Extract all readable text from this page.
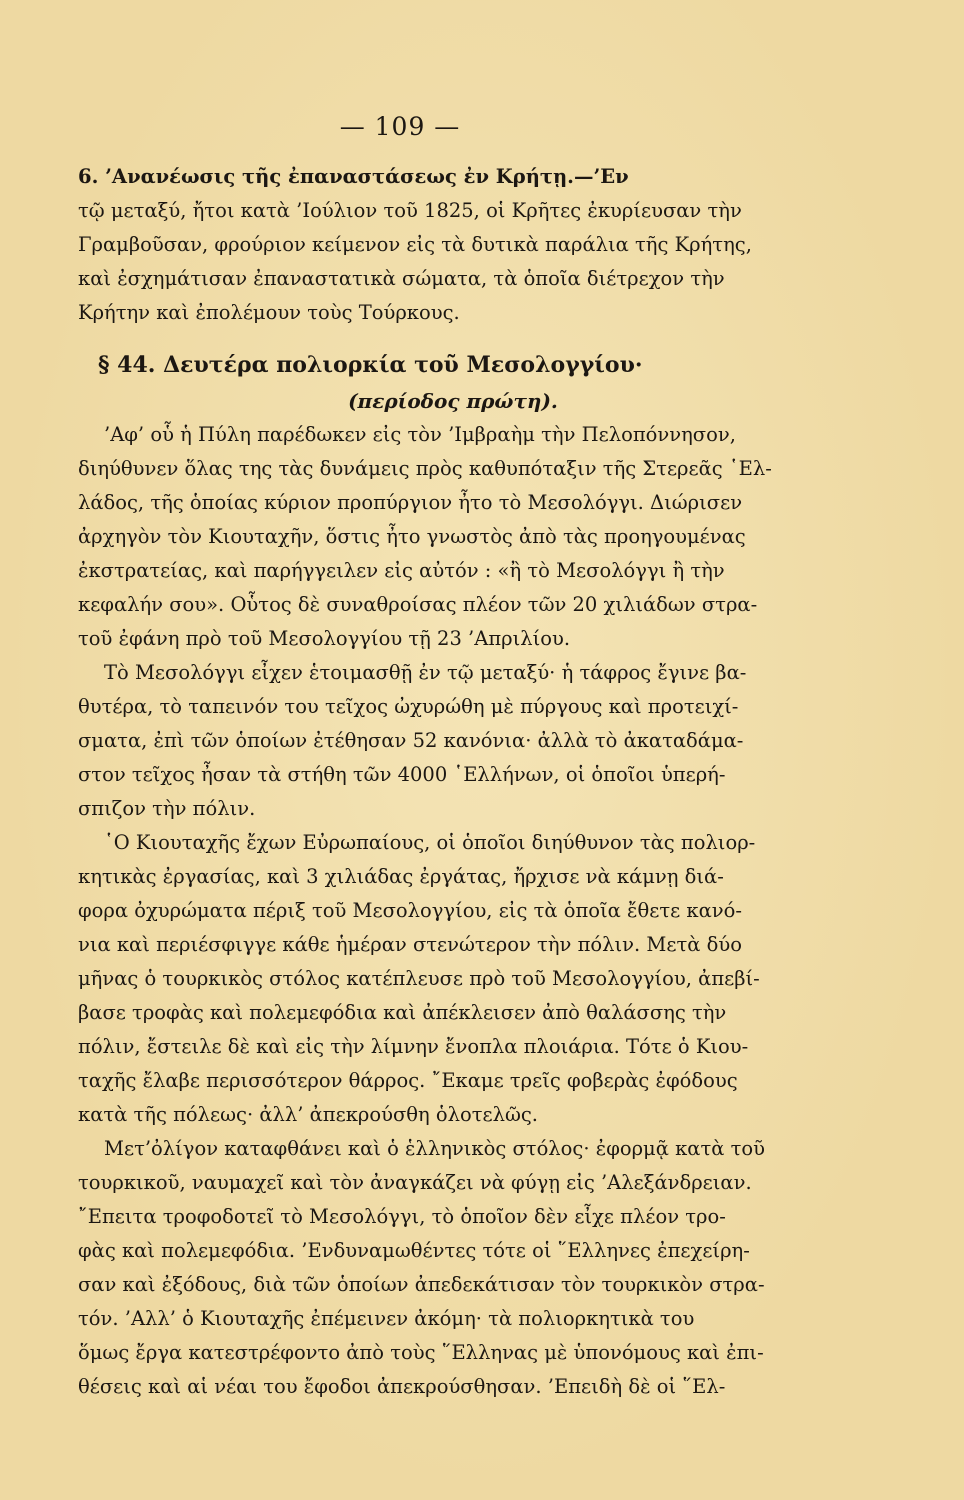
— 109 —
6. ’Ανανέωσις τῆς ἐπαναστάσεως ἐν Κρήτῃ.—’Εν
τῷ μεταξύ, ἤτοι κατὰ ’Ιούλιον τοῦ 1825, οἱ Κρῆτες ἐκυρίευσαν τὴν
Γραμβοῦσαν, φρούριον κείμενον εἰς τὰ δυτικὰ παράλια τῆς Κρήτης,
καὶ ἐσχημάτισαν ἐπαναστατικὰ σώματα, τὰ ὁποῖα διέτρεχον τὴν
Κρήτην καὶ ἐπολέμουν τοὺς Τούρκους.
§ 44. Δευτέρα πολιορκία τοῦ Μεσολογγίου·
(περίοδος πρώτη).
’Αφ’ οὗ ἡ Πύλη παρέδωκεν εἰς τὸν ’Ιμβραὴμ τὴν Πελοπόννησον,
διηύθυνεν ὅλας της τὰς δυνάμεις πρὸς καθυπόταξιν τῆς Στερεᾶς ῾Ελ-
λάδος, τῆς ὁποίας κύριον προπύργιον ἦτο τὸ Μεσολόγγι. Διώρισεν
ἀρχηγὸν τὸν Κιουταχῆν, ὅστις ἦτο γνωστὸς ἀπὸ τὰς προηγουμένας
ἐκστρατείας, καὶ παρήγγειλεν εἰς αὐτόν : «ἢ τὸ Μεσολόγγι ἢ τὴν
κεφαλήν σου». Οὗτος δὲ συναθροίσας πλέον τῶν 20 χιλιάδων στρα-
τοῦ ἐφάνη πρὸ τοῦ Μεσολογγίου τῇ 23 ’Απριλίου.
Τὸ Μεσολόγγι εἶχεν ἑτοιμασθῇ ἐν τῷ μεταξύ· ἡ τάφρος ἔγινε βα-
θυτέρα, τὸ ταπεινόν του τεῖχος ὠχυρώθη μὲ πύργους καὶ προτειχί-
σματα, ἐπὶ τῶν ὁποίων ἐτέθησαν 52 κανόνια· ἀλλὰ τὸ ἀκαταδάμα-
στον τεῖχος ἦσαν τὰ στήθη τῶν 4000 ῾Ελλήνων, οἱ ὁποῖοι ὑπερή-
σπιζον τὴν πόλιν.
῾Ο Κιουταχῆς ἔχων Εὐρωπαίους, οἱ ὁποῖοι διηύθυνον τὰς πολιορ-
κητικὰς ἐργασίας, καὶ 3 χιλιάδας ἐργάτας, ἤρχισε νὰ κάμνῃ διά-
φορα ὀχυρώματα πέριξ τοῦ Μεσολογγίου, εἰς τὰ ὁποῖα ἔθετε κανό-
νια καὶ περιέσφιγγε κάθε ἡμέραν στενώτερον τὴν πόλιν. Μετὰ δύο
μῆνας ὁ τουρκικὸς στόλος κατέπλευσε πρὸ τοῦ Μεσολογγίου, ἀπεβί-
βασε τροφὰς καὶ πολεμεφόδια καὶ ἀπέκλεισεν ἀπὸ θαλάσσης τὴν
πόλιν, ἔστειλε δὲ καὶ εἰς τὴν λίμνην ἔνοπλα πλοιάρια. Τότε ὁ Κιου-
ταχῆς ἔλαβε περισσότερον θάρρος. ῎Εκαμε τρεῖς φοβερὰς ἐφόδους
κατὰ τῆς πόλεως· ἀλλ’ ἀπεκρούσθη ὁλοτελῶς.
Μετ’ὀλίγον καταφθάνει καὶ ὁ ἑλληνικὸς στόλος· ἐφορμᾷ κατὰ τοῦ
τουρκικοῦ, ναυμαχεῖ καὶ τὸν ἀναγκάζει νὰ φύγῃ εἰς ’Αλεξάνδρειαν.
῎Επειτα τροφοδοτεῖ τὸ Μεσολόγγι, τὸ ὁποῖον δὲν εἶχε πλέον τρο-
φὰς καὶ πολεμεφόδια. ’Ενδυναμωθέντες τότε οἱ ῞Ελληνες ἐπεχείρη-
σαν καὶ ἐξόδους, διὰ τῶν ὁποίων ἀπεδεκάτισαν τὸν τουρκικὸν στρα-
τόν. ’Αλλ’ ὁ Κιουταχῆς ἐπέμεινεν ἀκόμη· τὰ πολιορκητικὰ του
ὅμως ἔργα κατεστρέφοντο ἀπὸ τοὺς ῞Ελληνας μὲ ὑπονόμους καὶ ἐπι-
θέσεις καὶ αἱ νέαι του ἔφοδοι ἀπεκρούσθησαν. ’Επειδὴ δὲ οἱ ῞Ελ-
